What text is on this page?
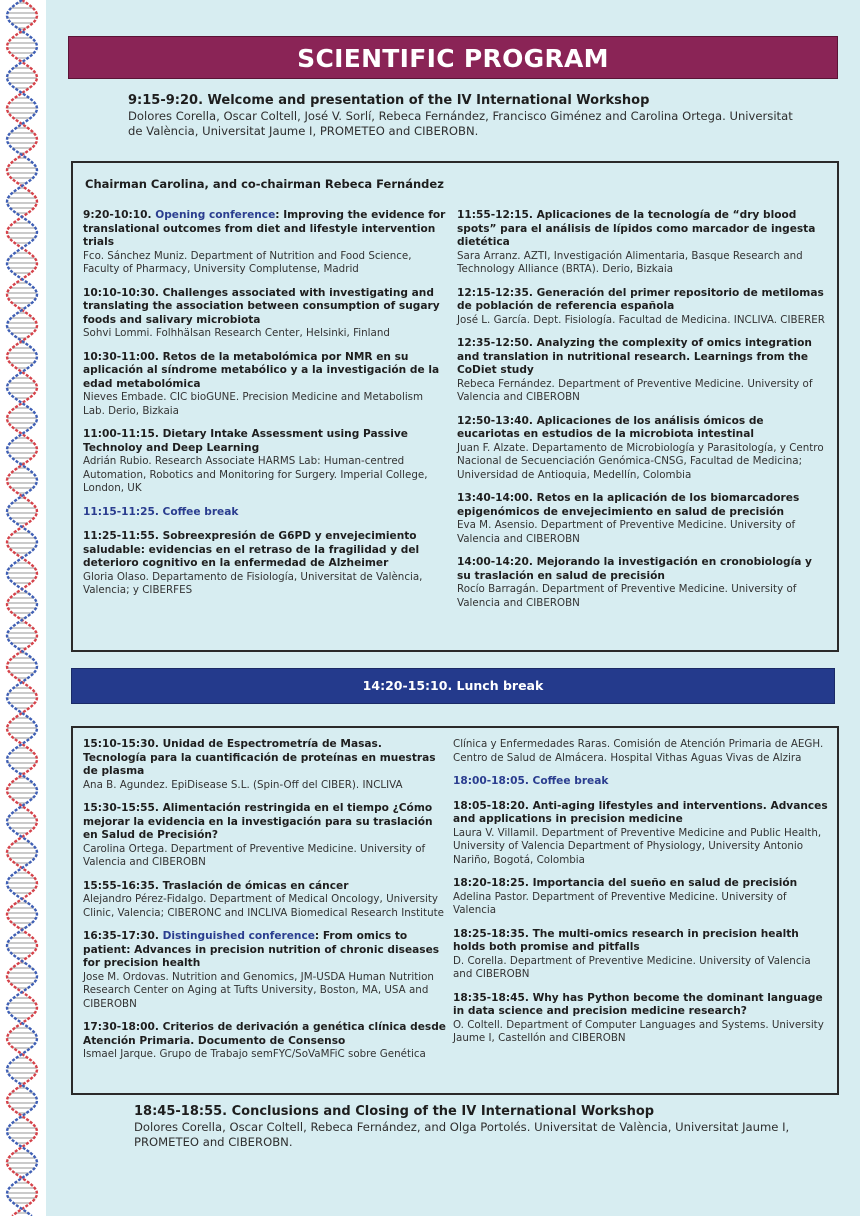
SCIENTIFIC PROGRAM
9:15-9:20. Welcome and presentation of the IV International Workshop
Dolores Corella, Oscar Coltell, José V. Sorlí, Rebeca Fernández, Francisco Giménez and Carolina Ortega. Universitat de València, Universitat Jaume I, PROMETEO and CIBEROBN.
Chairman Carolina, and co-chairman Rebeca Fernández
9:20-10:10. Opening conference: Improving the evidence for translational outcomes from diet and lifestyle intervention trials
Fco. Sánchez Muniz. Department of Nutrition and Food Science, Faculty of Pharmacy, University Complutense, Madrid
10:10-10:30. Challenges associated with investigating and translating the association between consumption of sugary foods and salivary microbiota
Sohvi Lommi. Folhhälsan Research Center, Helsinki, Finland
10:30-11:00. Retos de la metabolómica por NMR en su aplicación al síndrome metabólico y a la investigación de la edad metabolómica
Nieves Embade. CIC bioGUNE. Precision Medicine and Metabolism Lab. Derio, Bizkaia
11:00-11:15. Dietary Intake Assessment using Passive Technoloy and Deep Learning
Adrián Rubio. Research Associate HARMS Lab: Human-centred Automation, Robotics and Monitoring for Surgery. Imperial College, London, UK
11:15-11:25. Coffee break
11:25-11:55. Sobreexpresión de G6PD y envejecimiento saludable: evidencias en el retraso de la fragilidad y del deterioro cognitivo en la enfermedad de Alzheimer
Gloria Olaso. Departamento de Fisiología, Universitat de València, Valencia; y CIBERFES
11:55-12:15. Aplicaciones de la tecnología de “dry blood spots” para el análisis de lípidos como marcador de ingesta dietética
Sara Arranz. AZTI, Investigación Alimentaria, Basque Research and Technology Alliance (BRTA). Derio, Bizkaia
12:15-12:35. Generación del primer repositorio de metilomas de población de referencia española
José L. García. Dept. Fisiología. Facultad de Medicina. INCLIVA. CIBERER
12:35-12:50. Analyzing the complexity of omics integration and translation in nutritional research. Learnings from the CoDiet study
Rebeca Fernández. Department of Preventive Medicine. University of Valencia and CIBEROBN
12:50-13:40. Aplicaciones de los análisis ómicos de eucariotas en estudios de la microbiota intestinal
Juan F. Alzate. Departamento de Microbiología y Parasitología, y Centro Nacional de Secuenciación Genómica-CNSG, Facultad de Medicina; Universidad de Antioquia, Medellín, Colombia
13:40-14:00. Retos en la aplicación de los biomarcadores epigenómicos de envejecimiento en salud de precisión
Eva M. Asensio. Department of Preventive Medicine. University of Valencia and CIBEROBN
14:00-14:20. Mejorando la investigación en cronobiología y su traslación en salud de precisión
Rocío Barragán. Department of Preventive Medicine. University of Valencia and CIBEROBN
14:20-15:10. Lunch break
15:10-15:30. Unidad de Espectrometría de Masas. Tecnología para la cuantificación de proteínas en muestras de plasma
Ana B. Agundez. EpiDisease S.L. (Spin-Off del CIBER). INCLIVA
15:30-15:55. Alimentación restringida en el tiempo ¿Cómo mejorar la evidencia en la investigación para su traslación en Salud de Precisión?
Carolina Ortega. Department of Preventive Medicine. University of Valencia and CIBEROBN
15:55-16:35. Traslación de ómicas en cáncer
Alejandro Pérez-Fidalgo. Department of Medical Oncology, University Clinic, Valencia; CIBERONC and INCLIVA Biomedical Research Institute
16:35-17:30. Distinguished conference: From omics to patient: Advances in precision nutrition of chronic diseases for precision health
Jose M. Ordovas. Nutrition and Genomics, JM-USDA Human Nutrition Research Center on Aging at Tufts University, Boston, MA, USA and CIBEROBN
17:30-18:00. Criterios de derivación a genética clínica desde Atención Primaria. Documento de Consenso
Ismael Jarque. Grupo de Trabajo semFYC/SoVaMFiC sobre Genética
Clínica y Enfermedades Raras. Comisión de Atención Primaria de AEGH. Centro de Salud de Almácera. Hospital Vithas Aguas Vivas de Alzira
18:00-18:05. Coffee break
18:05-18:20. Anti-aging lifestyles and interventions. Advances and applications in precision medicine
Laura V. Villamil. Department of Preventive Medicine and Public Health, University of Valencia Department of Physiology, University Antonio Nariño, Bogotá, Colombia
18:20-18:25. Importancia del sueño en salud de precisión
Adelina Pastor. Department of Preventive Medicine. University of Valencia
18:25-18:35. The multi-omics research in precision health holds both promise and pitfalls
D. Corella. Department of Preventive Medicine. University of Valencia and CIBEROBN
18:35-18:45. Why has Python become the dominant language in data science and precision medicine research?
O. Coltell. Department of Computer Languages and Systems. University Jaume I, Castellón and CIBEROBN
18:45-18:55. Conclusions and Closing of the IV International Workshop
Dolores Corella, Oscar Coltell, Rebeca Fernández, and Olga Portolés. Universitat de València, Universitat Jaume I, PROMETEO and CIBEROBN.
